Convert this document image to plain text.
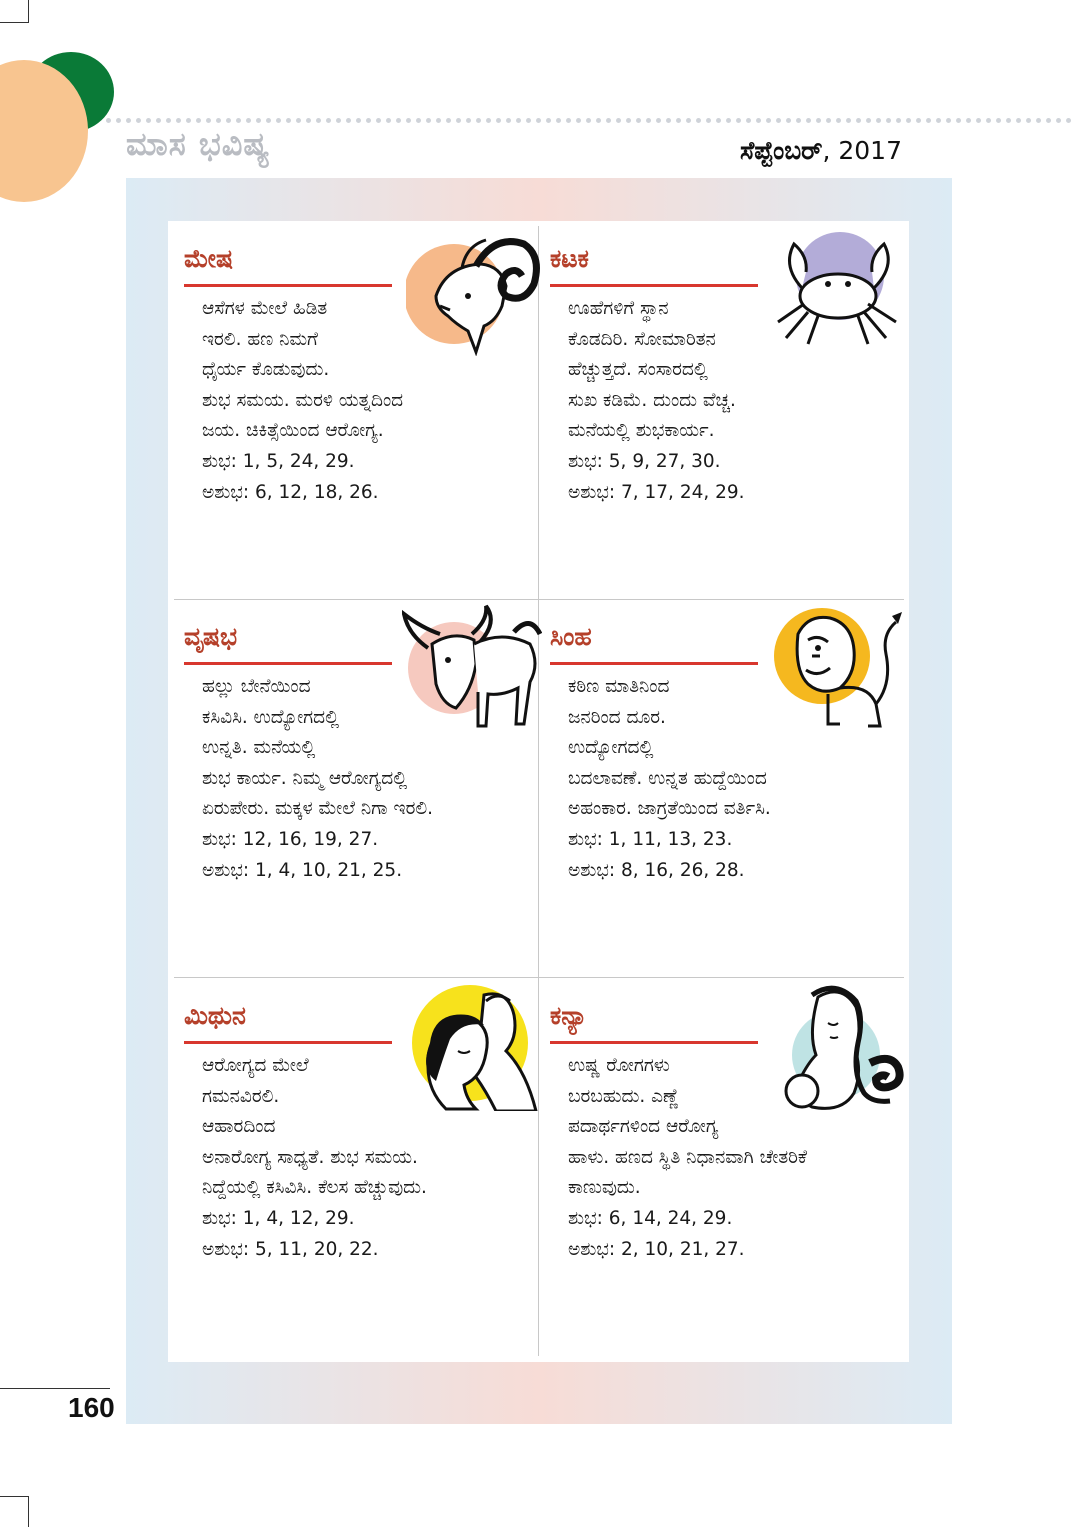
ಮಾಸ ಭವಿಷ್ಯ	ಸೆಪ್ಟೆಂಬರ್, 2017
ಮೇಷ
ಆಸೆಗಳ ಮೇಲೆ ಹಿಡಿತ
ಇರಲಿ. ಹಣ ನಿಮಗೆ
ಧೈರ್ಯ ಕೊಡುವುದು.
ಶುಭ ಸಮಯ. ಮರಳಿ ಯತ್ನದಿಂದ
ಜಯ. ಚಿಕಿತ್ಸೆಯಿಂದ ಆರೋಗ್ಯ.
ಶುಭ: 1, 5, 24, 29.
ಅಶುಭ: 6, 12, 18, 26.
ಕಟಕ
ಊಹೆಗಳಿಗೆ ಸ್ಥಾನ
ಕೊಡದಿರಿ. ಸೋಮಾರಿತನ
ಹೆಚ್ಚುತ್ತದೆ. ಸಂಸಾರದಲ್ಲಿ
ಸುಖ ಕಡಿಮೆ. ದುಂದು ವೆಚ್ಚ.
ಮನೆಯಲ್ಲಿ ಶುಭಕಾರ್ಯ.
ಶುಭ: 5, 9, 27, 30.
ಅಶುಭ: 7, 17, 24, 29.
ವೃಷಭ
ಹಲ್ಲು ಬೇನೆಯಿಂದ
ಕಸಿವಿಸಿ. ಉದ್ಯೋಗದಲ್ಲಿ
ಉನ್ನತಿ. ಮನೆಯಲ್ಲಿ
ಶುಭ ಕಾರ್ಯ. ನಿಮ್ಮ ಆರೋಗ್ಯದಲ್ಲಿ
ಏರುಪೇರು. ಮಕ್ಕಳ ಮೇಲೆ ನಿಗಾ ಇರಲಿ.
ಶುಭ: 12, 16, 19, 27.
ಅಶುಭ: 1, 4, 10, 21, 25.
ಸಿಂಹ
ಕಠಿಣ ಮಾತಿನಿಂದ
ಜನರಿಂದ ದೂರ.
ಉದ್ಯೋಗದಲ್ಲಿ
ಬದಲಾವಣೆ. ಉನ್ನತ ಹುದ್ದೆಯಿಂದ
ಅಹಂಕಾರ. ಜಾಗ್ರತೆಯಿಂದ ವರ್ತಿಸಿ.
ಶುಭ: 1, 11, 13, 23.
ಅಶುಭ: 8, 16, 26, 28.
ಮಿಥುನ
ಆರೋಗ್ಯದ ಮೇಲೆ
ಗಮನವಿರಲಿ.
ಆಹಾರದಿಂದ
ಅನಾರೋಗ್ಯ ಸಾಧ್ಯತೆ. ಶುಭ ಸಮಯ.
ನಿದ್ದೆಯಲ್ಲಿ ಕಸಿವಿಸಿ. ಕೆಲಸ ಹೆಚ್ಚುವುದು.
ಶುಭ: 1, 4, 12, 29.
ಅಶುಭ: 5, 11, 20, 22.
ಕನ್ಯಾ
ಉಷ್ಣ ರೋಗಗಳು
ಬರಬಹುದು. ಎಣ್ಣೆ
ಪದಾರ್ಥಗಳಿಂದ ಆರೋಗ್ಯ
ಹಾಳು. ಹಣದ ಸ್ಥಿತಿ ನಿಧಾನವಾಗಿ ಚೇತರಿಕೆ
ಕಾಣುವುದು.
ಶುಭ: 6, 14, 24, 29.
ಅಶುಭ: 2, 10, 21, 27.
160
